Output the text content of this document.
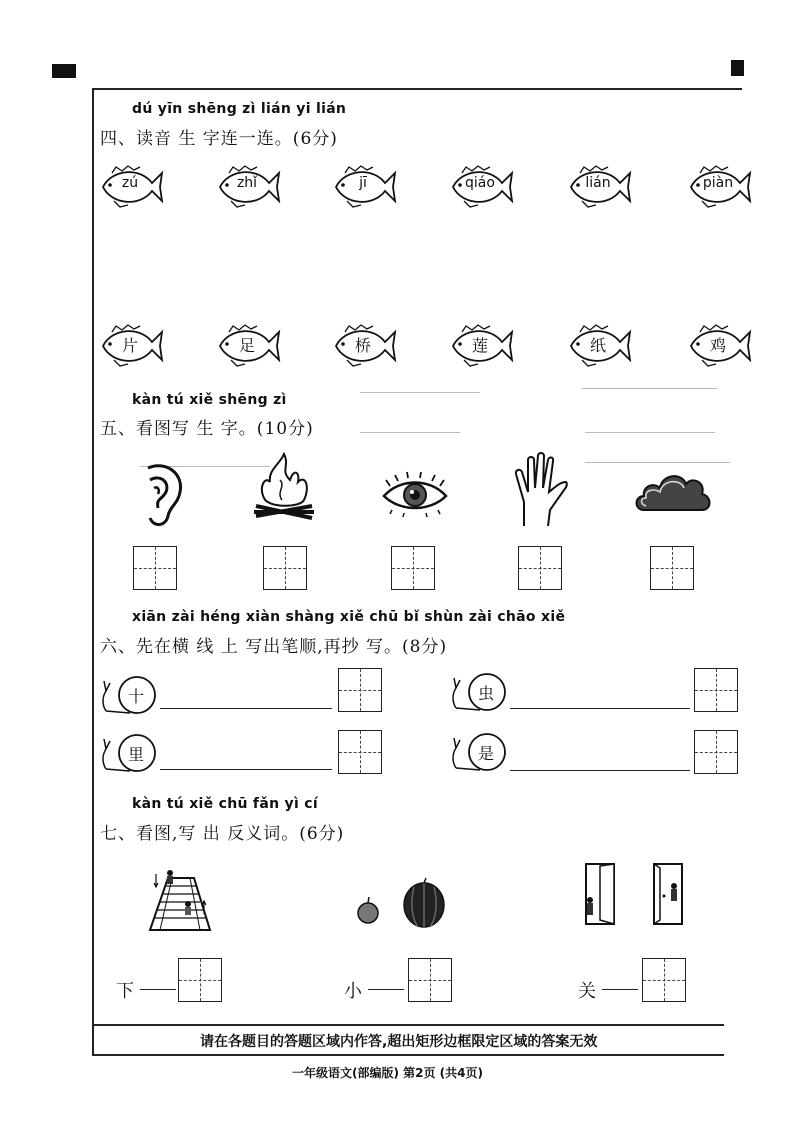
dú yīn shēng zì lián yi lián
四、读音 生 字连一连。(6分)
zú	zhǐ	jī	qiáo	lián	piàn
片	足	桥	莲	纸	鸡
kàn tú xiě shēng zì
五、看图写 生 字。(10分)
xiān zài héng xiàn shàng xiě chū bǐ shùn zài chāo xiě
六、先在横 线 上 写出笔顺,再抄 写。(8分)
十	虫
里	是
kàn tú xiě chū fǎn yì cí
七、看图,写 出 反义词。(6分)
下	小	关
请在各题目的答题区域内作答,超出矩形边框限定区域的答案无效
一年级语文(部编版) 第2页 (共4页)
